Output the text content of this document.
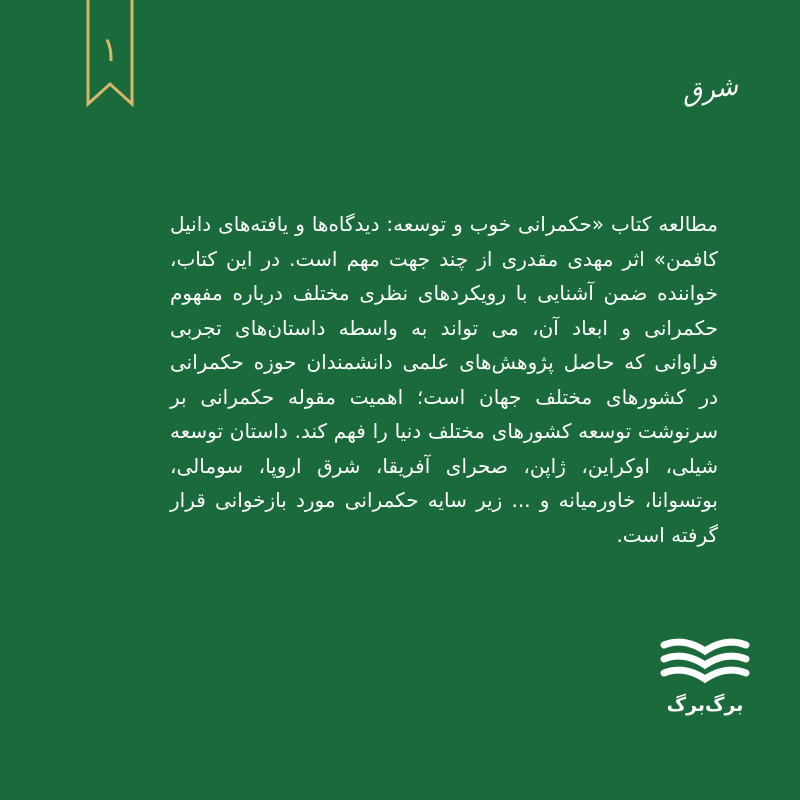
۱
شرق

مطالعه کتاب «حکمرانی خوب و توسعه: دیدگاه‌ها و یافته‌های دانیل کافمن» اثر مهدی مقدری از چند جهت مهم است. در این کتاب، خواننده ضمن آشنایی با رویکردهای نظری مختلف درباره مفهوم حکمرانی و ابعاد آن، می تواند به واسطه داستان‌های تجربی فراوانی که حاصل پژوهش‌های علمی دانشمندان حوزه حکمرانی در کشورهای مختلف جهان است؛ اهمیت مقوله حکمرانی بر سرنوشت توسعه کشورهای مختلف دنیا را فهم کند. داستان توسعه شیلی، اوکراین، ژاپن، صحرای آفریقا، شرق اروپا، سومالی، بوتسوانا، خاورمیانه و ... زیر سایه حکمرانی مورد بازخوانی قرار گرفته است.

برگ‌برگ
